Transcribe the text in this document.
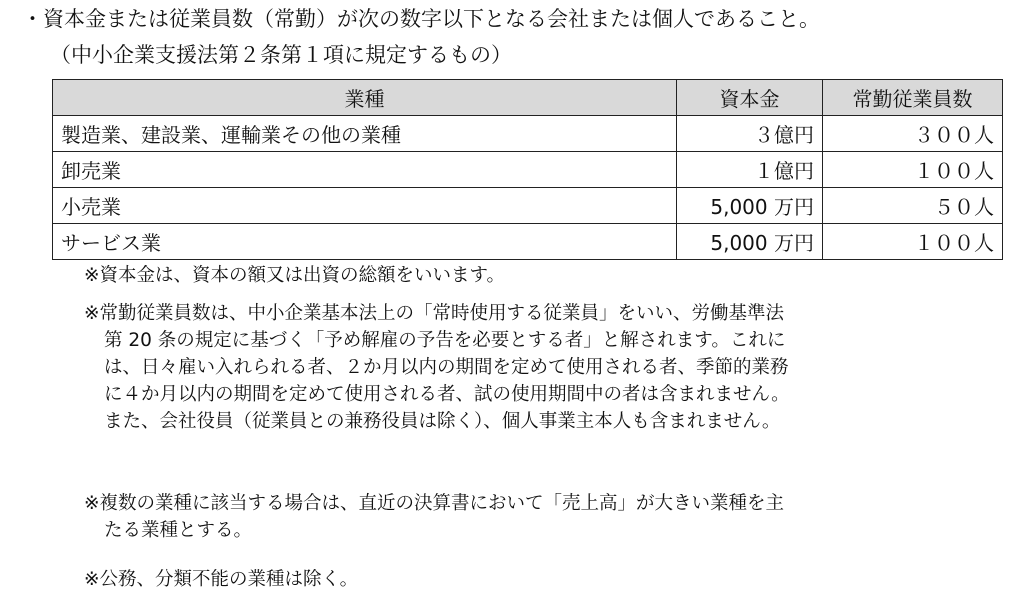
・資本金または従業員数（常勤）が次の数字以下となる会社または個人であること。
（中小企業支援法第２条第１項に規定するもの）
業種	資本金	常勤従業員数
製造業、建設業、運輸業その他の業種	３億円	３００人
卸売業	１億円	１００人
小売業	5,000 万円	５０人
サービス業	5,000 万円	１００人
※資本金は、資本の額又は出資の総額をいいます。
※常勤従業員数は、中小企業基本法上の「常時使用する従業員」をいい、労働基準法
第 20 条の規定に基づく「予め解雇の予告を必要とする者」と解されます。これに
は、日々雇い入れられる者、２か月以内の期間を定めて使用される者、季節的業務
に４か月以内の期間を定めて使用される者、試の使用期間中の者は含まれません。
また、会社役員（従業員との兼務役員は除く）、個人事業主本人も含まれません。
※複数の業種に該当する場合は、直近の決算書において「売上高」が大きい業種を主
たる業種とする。
※公務、分類不能の業種は除く。
